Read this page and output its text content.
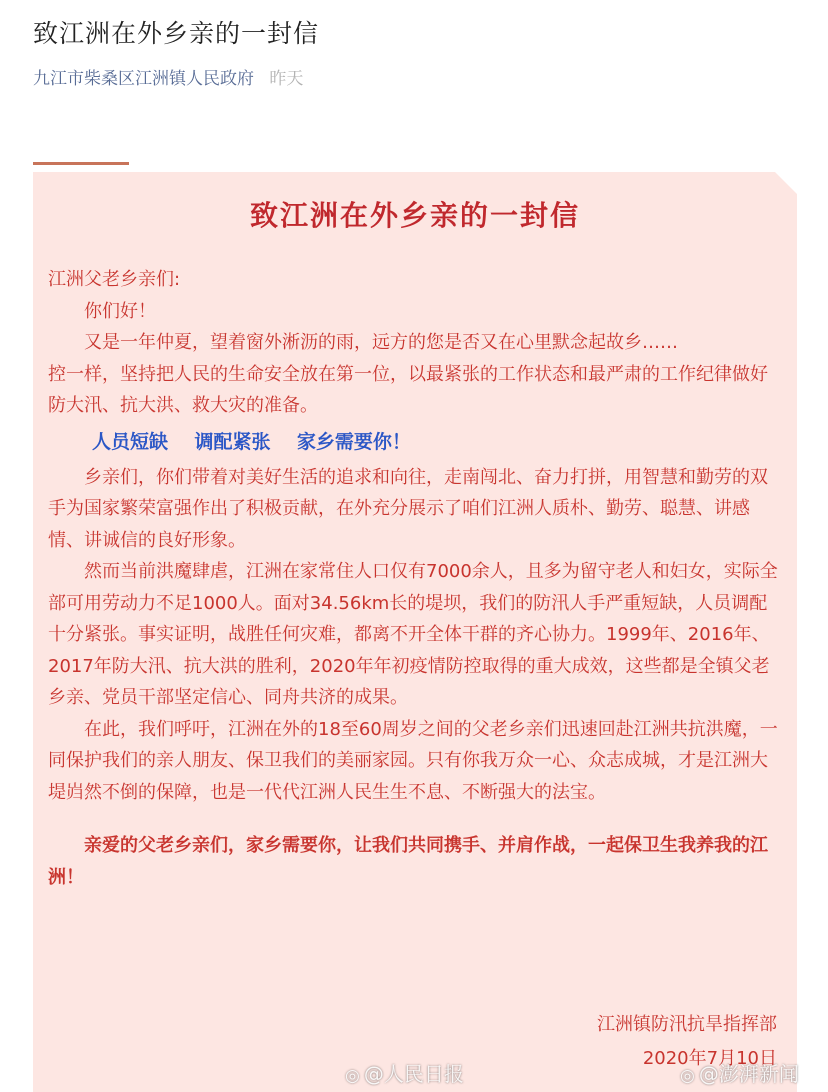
致江洲在外乡亲的一封信
九江市柴桑区江洲镇人民政府 昨天
致江洲在外乡亲的一封信

江洲父老乡亲们:

你们好！

又是一年仲夏，望着窗外淅沥的雨，远方的您是否又在心里默念起故乡……

控一样，坚持把人民的生命安全放在第一位，以最紧张的工作状态和最严肃的工作纪律做好防大汛、抗大洪、救大灾的准备。

人员短缺    调配紧张    家乡需要你！

乡亲们，你们带着对美好生活的追求和向往，走南闯北、奋力打拼，用智慧和勤劳的双手为国家繁荣富强作出了积极贡献，在外充分展示了咱们江洲人质朴、勤劳、聪慧、讲感情、讲诚信的良好形象。

然而当前洪魔肆虐，江洲在家常住人口仅有7000余人，且多为留守老人和妇女，实际全部可用劳动力不足1000人。面对34.56km长的堤坝，我们的防汛人手严重短缺，人员调配十分紧张。事实证明，战胜任何灾难，都离不开全体干群的齐心协力。1999年、2016年、2017年防大汛、抗大洪的胜利，2020年年初疫情防控取得的重大成效，这些都是全镇父老乡亲、党员干部坚定信心、同舟共济的成果。

在此，我们呼吁，江洲在外的18至60周岁之间的父老乡亲们迅速回赴江洲共抗洪魔，一同保护我们的亲人朋友、保卫我们的美丽家园。只有你我万众一心、众志成城，才是江洲大堤岿然不倒的保障，也是一代代江洲人民生生不息、不断强大的法宝。

亲爱的父老乡亲们，家乡需要你，让我们共同携手、并肩作战，一起保卫生我养我的江洲！

江洲镇防汛抗旱指挥部
2020年7月10日
◎ @人民日报	◎ @澎湃新闻
